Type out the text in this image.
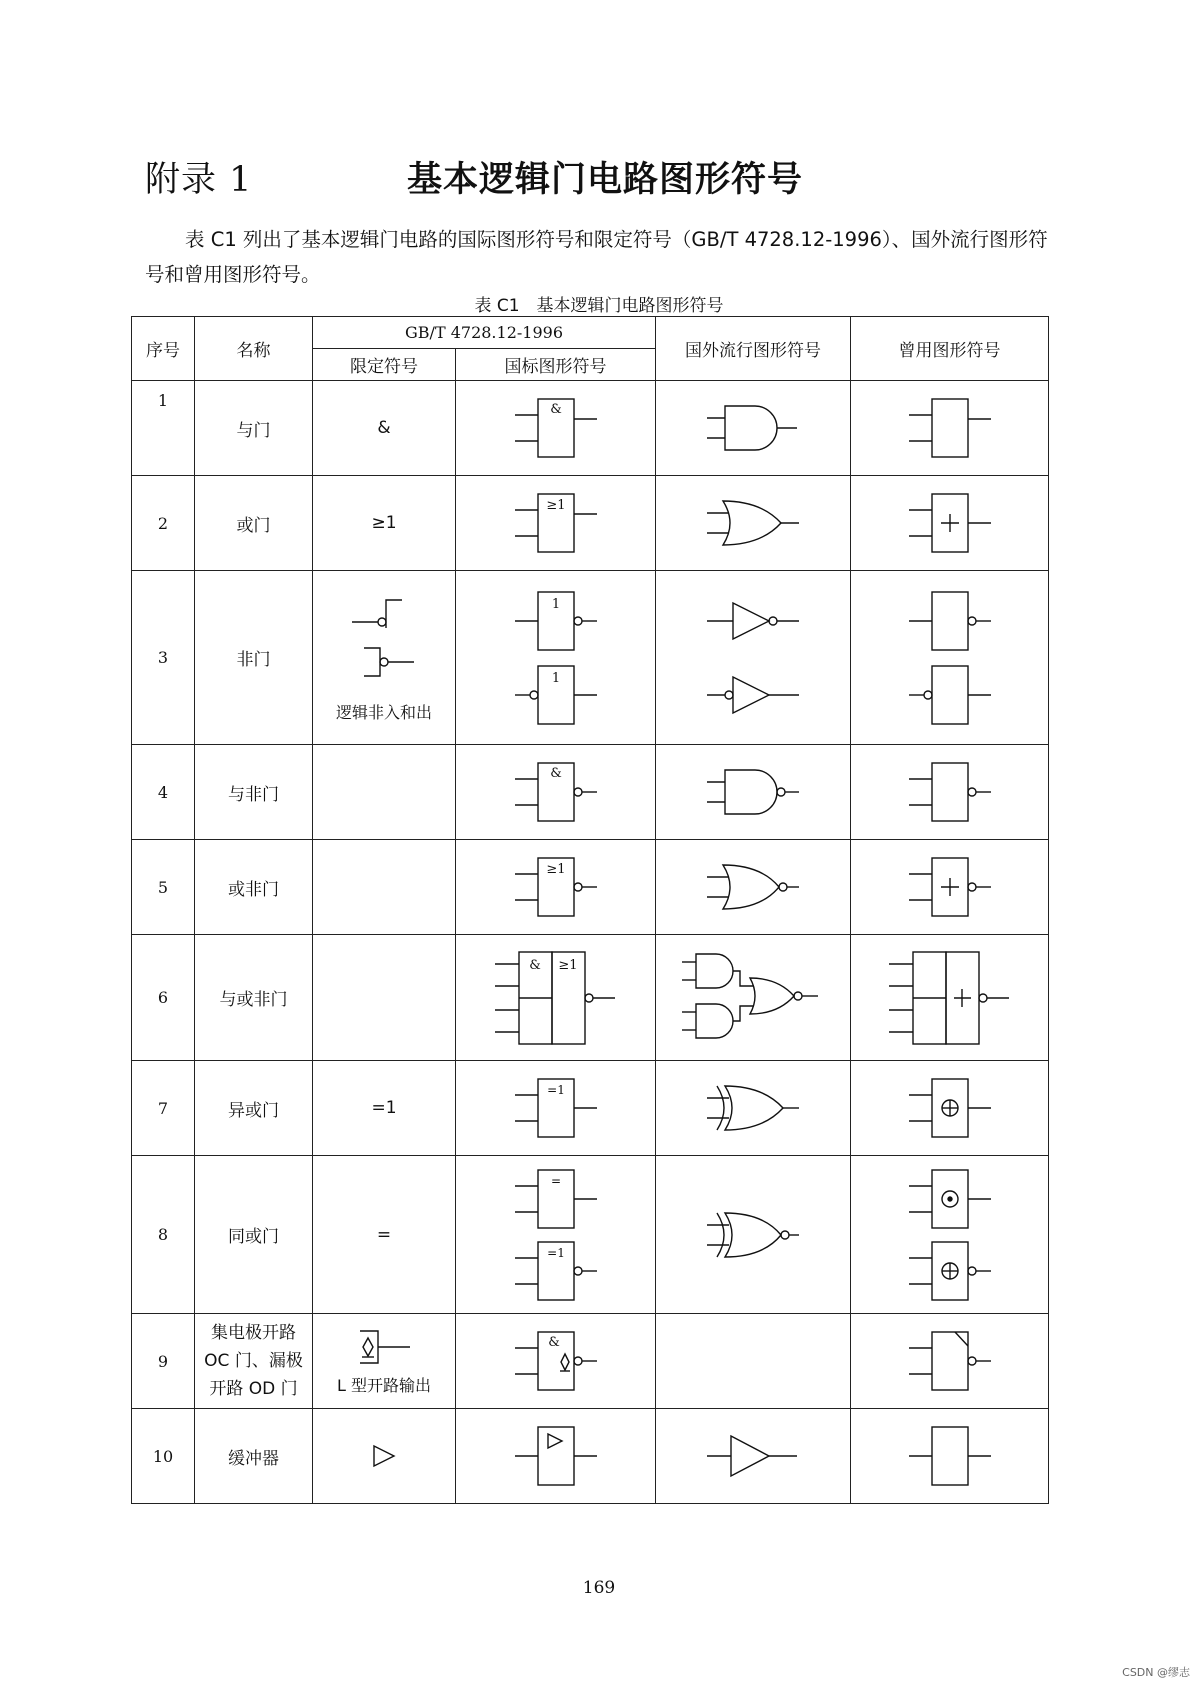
附录 1	基本逻辑门电路图形符号
表 C1 列出了基本逻辑门电路的国际图形符号和限定符号（GB/T 4728.12-1996）、国外流行图形符号和曾用图形符号。
表 C1　基本逻辑门电路图形符号
序号	名称	GB/T 4728.12-1996		国外流行图形符号	曾用图形符号
		限定符号	国标图形符号		
1	与门	&	&

2	或门	≥1	≥1

3	非门	逻辑非入和出	1
1

4	与非门		&

5	或非门		≥1

6	与或非门		& ≥1

7	异或门	=1	=1

8	同或门	=	=
=1

9	集电极开路
OC 门、漏极
开路 OD 门	L 型开路输出	&

10	缓冲器	

169
CSDN @缪志
